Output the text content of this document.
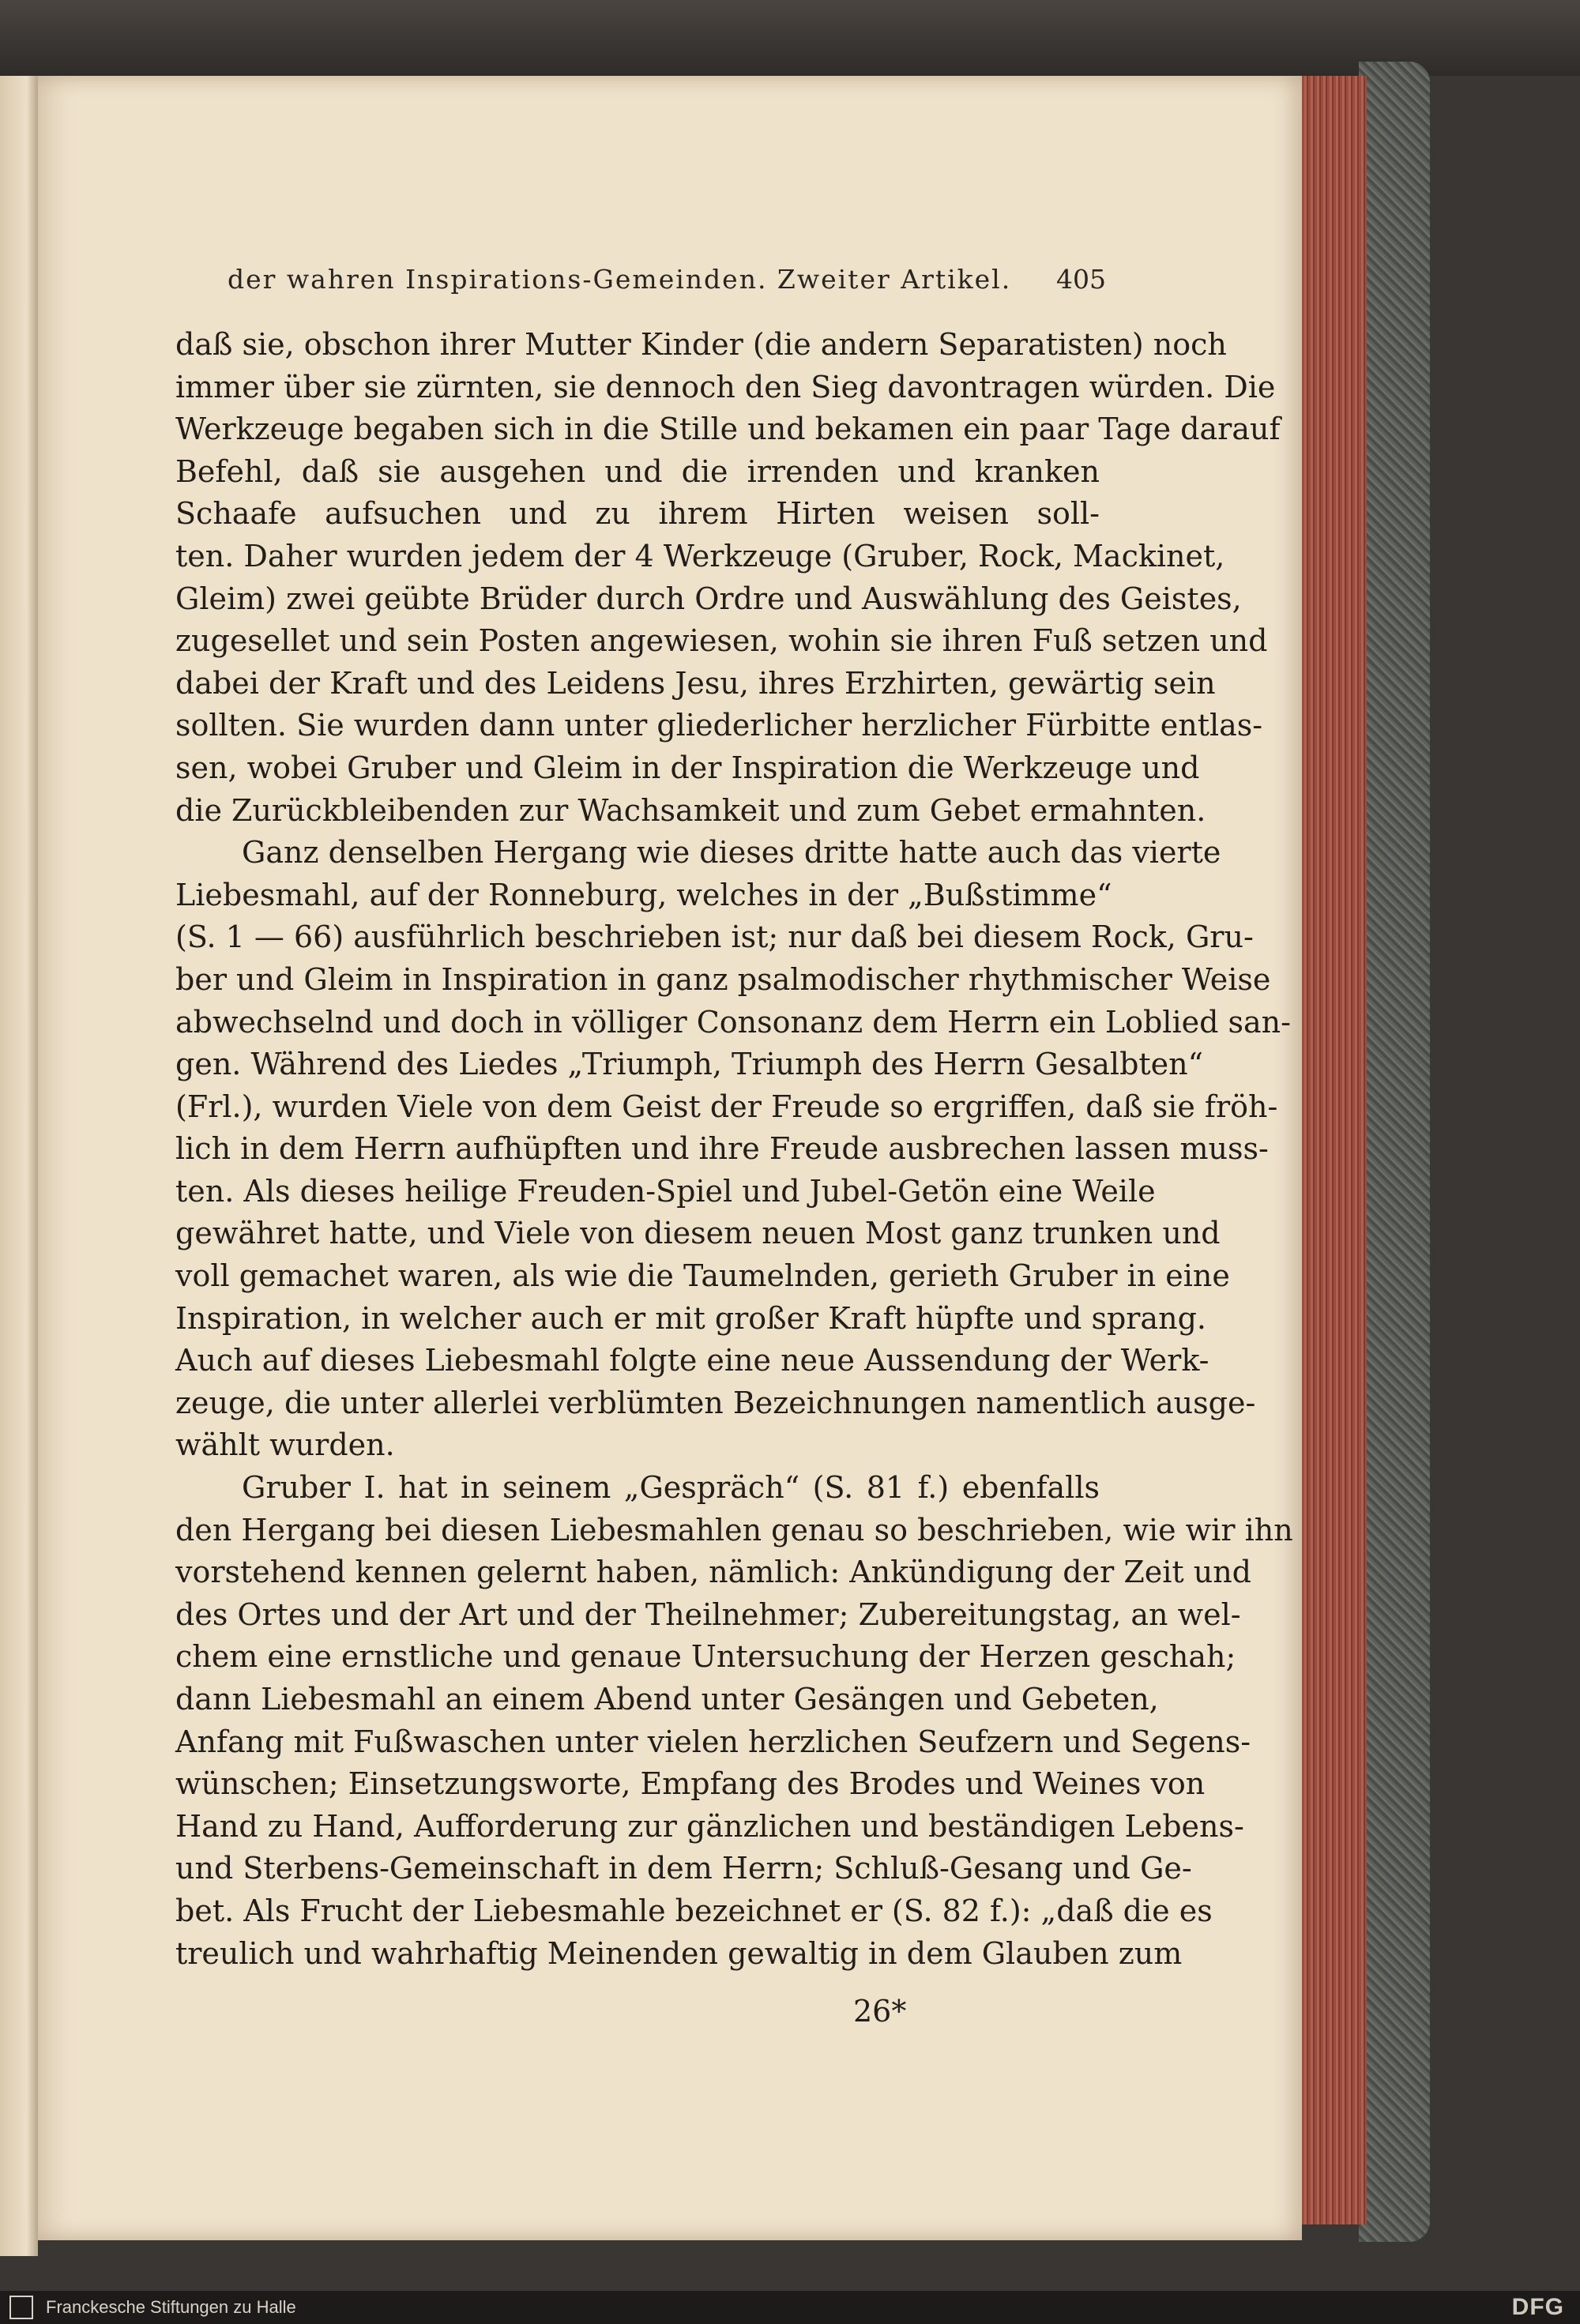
der wahren Inspirations-Gemeinden. Zweiter Artikel. 405
daß sie, obschon ihrer Mutter Kinder (die andern Separatisten) noch
immer über sie zürnten, sie dennoch den Sieg davontragen würden. Die
Werkzeuge begaben sich in die Stille und bekamen ein paar Tage darauf
Befehl, daß sie ausgehen und die irrenden und kranken
Schaafe aufsuchen und zu ihrem Hirten weisen soll-
ten. Daher wurden jedem der 4 Werkzeuge (Gruber, Rock, Mackinet,
Gleim) zwei geübte Brüder durch Ordre und Auswählung des Geistes,
zugesellet und sein Posten angewiesen, wohin sie ihren Fuß setzen und
dabei der Kraft und des Leidens Jesu, ihres Erzhirten, gewärtig sein
sollten. Sie wurden dann unter gliederlicher herzlicher Fürbitte entlas-
sen, wobei Gruber und Gleim in der Inspiration die Werkzeuge und
die Zurückbleibenden zur Wachsamkeit und zum Gebet ermahnten.
Ganz denselben Hergang wie dieses dritte hatte auch das vierte
Liebesmahl, auf der Ronneburg, welches in der „Bußstimme“
(S. 1 — 66) ausführlich beschrieben ist; nur daß bei diesem Rock, Gru-
ber und Gleim in Inspiration in ganz psalmodischer rhythmischer Weise
abwechselnd und doch in völliger Consonanz dem Herrn ein Loblied san-
gen. Während des Liedes „Triumph, Triumph des Herrn Gesalbten“
(Frl.), wurden Viele von dem Geist der Freude so ergriffen, daß sie fröh-
lich in dem Herrn aufhüpften und ihre Freude ausbrechen lassen muss-
ten. Als dieses heilige Freuden-Spiel und Jubel-Getön eine Weile
gewähret hatte, und Viele von diesem neuen Most ganz trunken und
voll gemachet waren, als wie die Taumelnden, gerieth Gruber in eine
Inspiration, in welcher auch er mit großer Kraft hüpfte und sprang.
Auch auf dieses Liebesmahl folgte eine neue Aussendung der Werk-
zeuge, die unter allerlei verblümten Bezeichnungen namentlich ausge-
wählt wurden.
Gruber I. hat in seinem „Gespräch“ (S. 81 f.) ebenfalls
den Hergang bei diesen Liebesmahlen genau so beschrieben, wie wir ihn
vorstehend kennen gelernt haben, nämlich: Ankündigung der Zeit und
des Ortes und der Art und der Theilnehmer; Zubereitungstag, an wel-
chem eine ernstliche und genaue Untersuchung der Herzen geschah;
dann Liebesmahl an einem Abend unter Gesängen und Gebeten,
Anfang mit Fußwaschen unter vielen herzlichen Seufzern und Segens-
wünschen; Einsetzungsworte, Empfang des Brodes und Weines von
Hand zu Hand, Aufforderung zur gänzlichen und beständigen Lebens-
und Sterbens-Gemeinschaft in dem Herrn; Schluß-Gesang und Ge-
bet. Als Frucht der Liebesmahle bezeichnet er (S. 82 f.): „daß die es
treulich und wahrhaftig Meinenden gewaltig in dem Glauben zum
26*
Franckesche Stiftungen zu Halle	DFG
